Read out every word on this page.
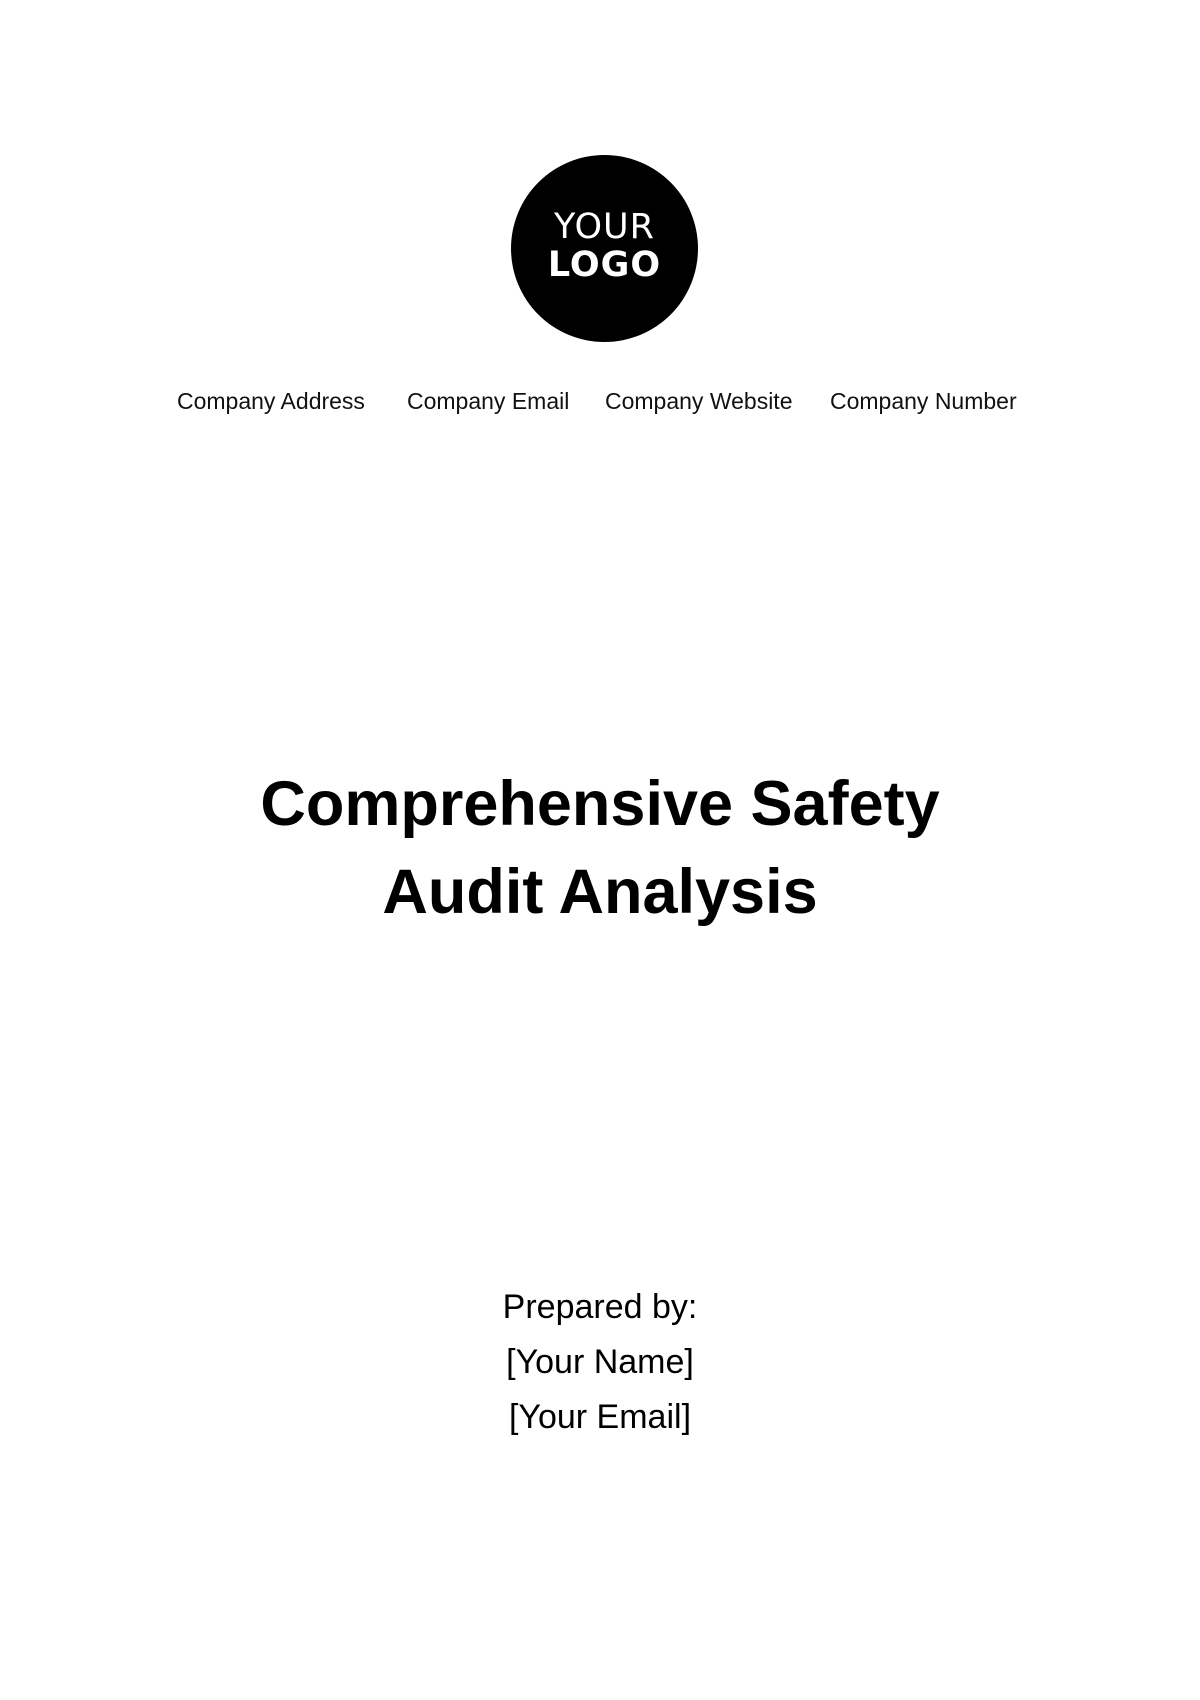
YOUR
LOGO
Company Address Company Email Company Website Company Number
Comprehensive Safety
Audit Analysis
Prepared by:
[Your Name]
[Your Email]
